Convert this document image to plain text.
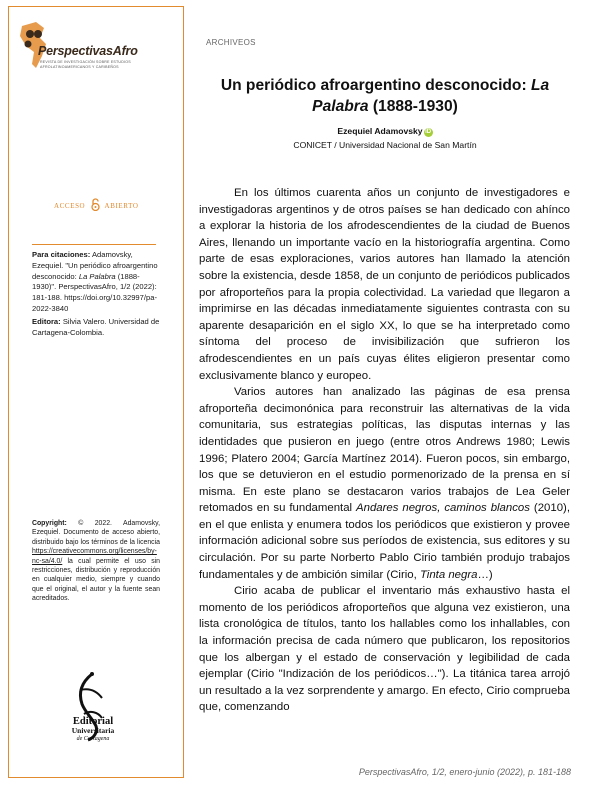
PerspectivasAfro
REVISTA DE INVESTIGACIÓN SOBRE ESTUDIOS AFROLATINOAMERICANOS Y CARIBEÑOS
ACCESO	ABIERTO
Para citaciones: Adamovsky, Ezequiel. "Un periódico afroargentino desconocido: La Palabra (1888-1930)". PerspectivasAfro, 1/2 (2022): 181-188. https://doi.org/10.32997/pa-2022-3840
Editora: Silvia Valero. Universidad de Cartagena-Colombia.
Copyright: © 2022. Adamovsky, Ezequiel. Documento de acceso abierto, distribuido bajo los términos de la licencia https://creativecommons.org/licenses/by-nc-sa/4.0/ la cual permite el uso sin restricciones, distribución y reproducción en cualquier medio, siempre y cuando que el original, el autor y la fuente sean acreditados.
Editorial
Universitaria
de Cartagena
ARCHIVEOS
Un periódico afroargentino desconocido: La Palabra (1888-1930)
Ezequiel Adamovsky iD
CONICET / Universidad Nacional de San Martín

En los últimos cuarenta años un conjunto de investigadores e investigadoras argentinos y de otros países se han dedicado con ahínco a explorar la historia de los afrodescendientes de la ciudad de Buenos Aires, llenando un importante vacío en la historiografía argentina. Como parte de esas exploraciones, varios autores han llamado la atención sobre la existencia, desde 1858, de un conjunto de periódicos publicados por afroporteños para la propia colectividad. La variedad que llegaron a imprimirse en las décadas inmediatamente siguientes contrasta con su aparente desaparición en el siglo XX, lo que se ha interpretado como síntoma del proceso de invisibilización que sufrieron los afrodescendientes en un país cuyas élites eligieron presentar como exclusivamente blanco y europeo.

Varios autores han analizado las páginas de esa prensa afroporteña decimonónica para reconstruir las alternativas de la vida comunitaria, sus estrategias políticas, las disputas internas y las identidades que pusieron en juego (entre otros Andrews 1980; Lewis 1996; Platero 2004; García Martínez 2014). Fueron pocos, sin embargo, los que se detuvieron en el estudio pormenorizado de la prensa en sí misma. En este plano se destacaron varios trabajos de Lea Geler retomados en su fundamental Andares negros, caminos blancos (2010), en el que enlista y enumera todos los periódicos que existieron y provee información adicional sobre sus períodos de existencia, sus editores y su circulación. Por su parte Norberto Pablo Cirio también produjo trabajos fundamentales y de ambición similar (Cirio, Tinta negra…)

Cirio acaba de publicar el inventario más exhaustivo hasta el momento de los periódicos afroporteños que alguna vez existieron, una lista cronológica de títulos, tanto los hallables como los inhallables, con la información precisa de cada número que publicaron, los repositorios que los albergan y el estado de conservación y legibilidad de cada ejemplar (Cirio "Indización de los periódicos…"). La titánica tarea arrojó un resultado a la vez sorprendente y amargo. En efecto, Cirio comprueba que, comenzando

PerspectivasAfro, 1/2, enero-junio (2022), p. 181-188
